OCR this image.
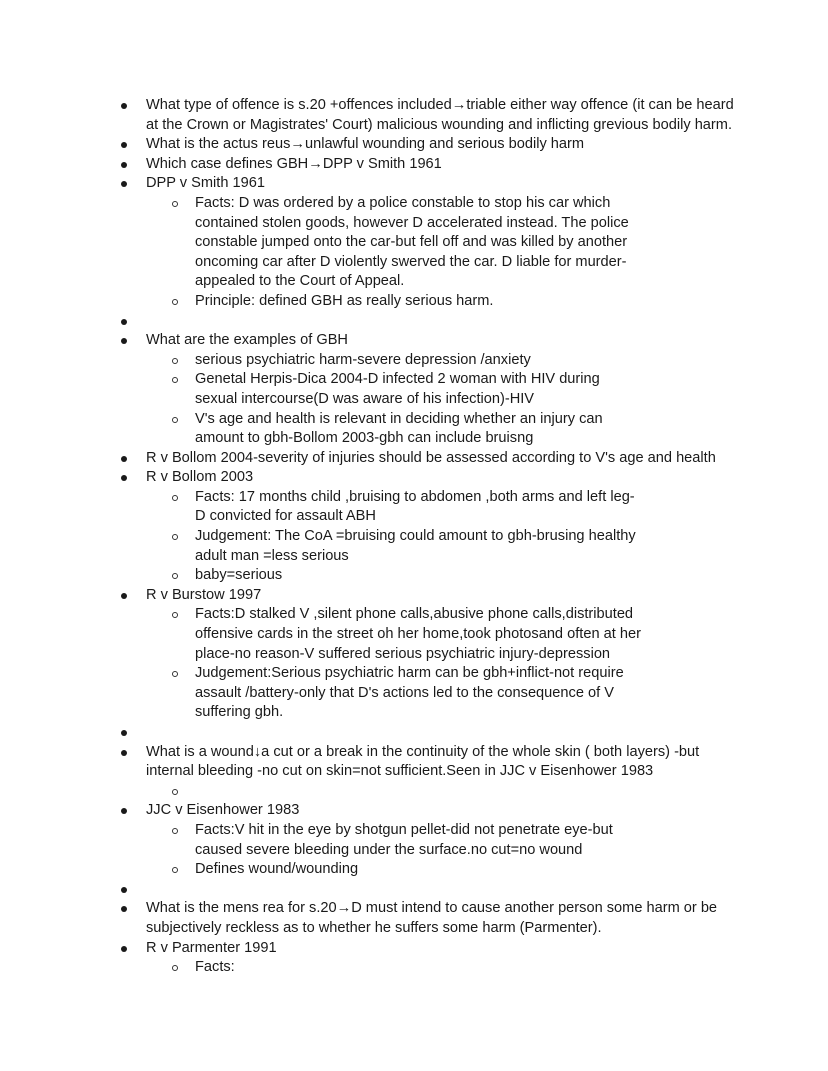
What type of offence is s.20 +offences included→triable either way offence (it can be heard at the Crown or Magistrates' Court) malicious wounding and inflicting grevious bodily harm.
What is the actus reus→unlawful wounding and serious bodily harm
Which case defines GBH→DPP v Smith 1961
DPP v Smith 1961
Facts: D was ordered by a police constable to stop his car which contained stolen goods, however D accelerated instead. The police constable jumped onto the car-but fell off and was killed by another oncoming car after D violently swerved the car. D liable for murder-appealed to the Court of Appeal.
Principle: defined GBH as really serious harm.
What are the examples of GBH
serious psychiatric harm-severe depression /anxiety
Genetal Herpis-Dica 2004-D infected 2 woman with HIV during sexual intercourse(D was aware of his infection)-HIV
V's age and health is relevant in deciding whether an injury can amount to gbh-Bollom 2003-gbh can include bruisng
R v Bollom 2004-severity of injuries should be assessed according to V's age and health
R v Bollom 2003
Facts: 17 months child ,bruising to abdomen ,both arms and left leg-D convicted for assault ABH
Judgement: The CoA =bruising could amount to gbh-brusing healthy adult man =less serious
baby=serious
R v Burstow 1997
Facts:D stalked V ,silent phone calls,abusive phone calls,distributed offensive cards in the street oh her home,took photosand often at her place-no reason-V suffered serious psychiatric injury-depression
Judgement:Serious psychiatric harm can be gbh+inflict-not require assault /battery-only that D's actions led to the consequence of V suffering gbh.
What is a wound↓a cut or a break in the continuity of the whole skin ( both layers) -but internal bleeding -no cut on skin=not sufficient.Seen in JJC v Eisenhower 1983
JJC v Eisenhower 1983
Facts:V hit in the eye by shotgun pellet-did not penetrate eye-but caused severe bleeding under the surface.no cut=no wound
Defines wound/wounding
What is the mens rea for s.20→D must intend to cause another person some harm or be subjectively reckless as to whether he suffers some harm (Parmenter).
R v Parmenter 1991
Facts:
